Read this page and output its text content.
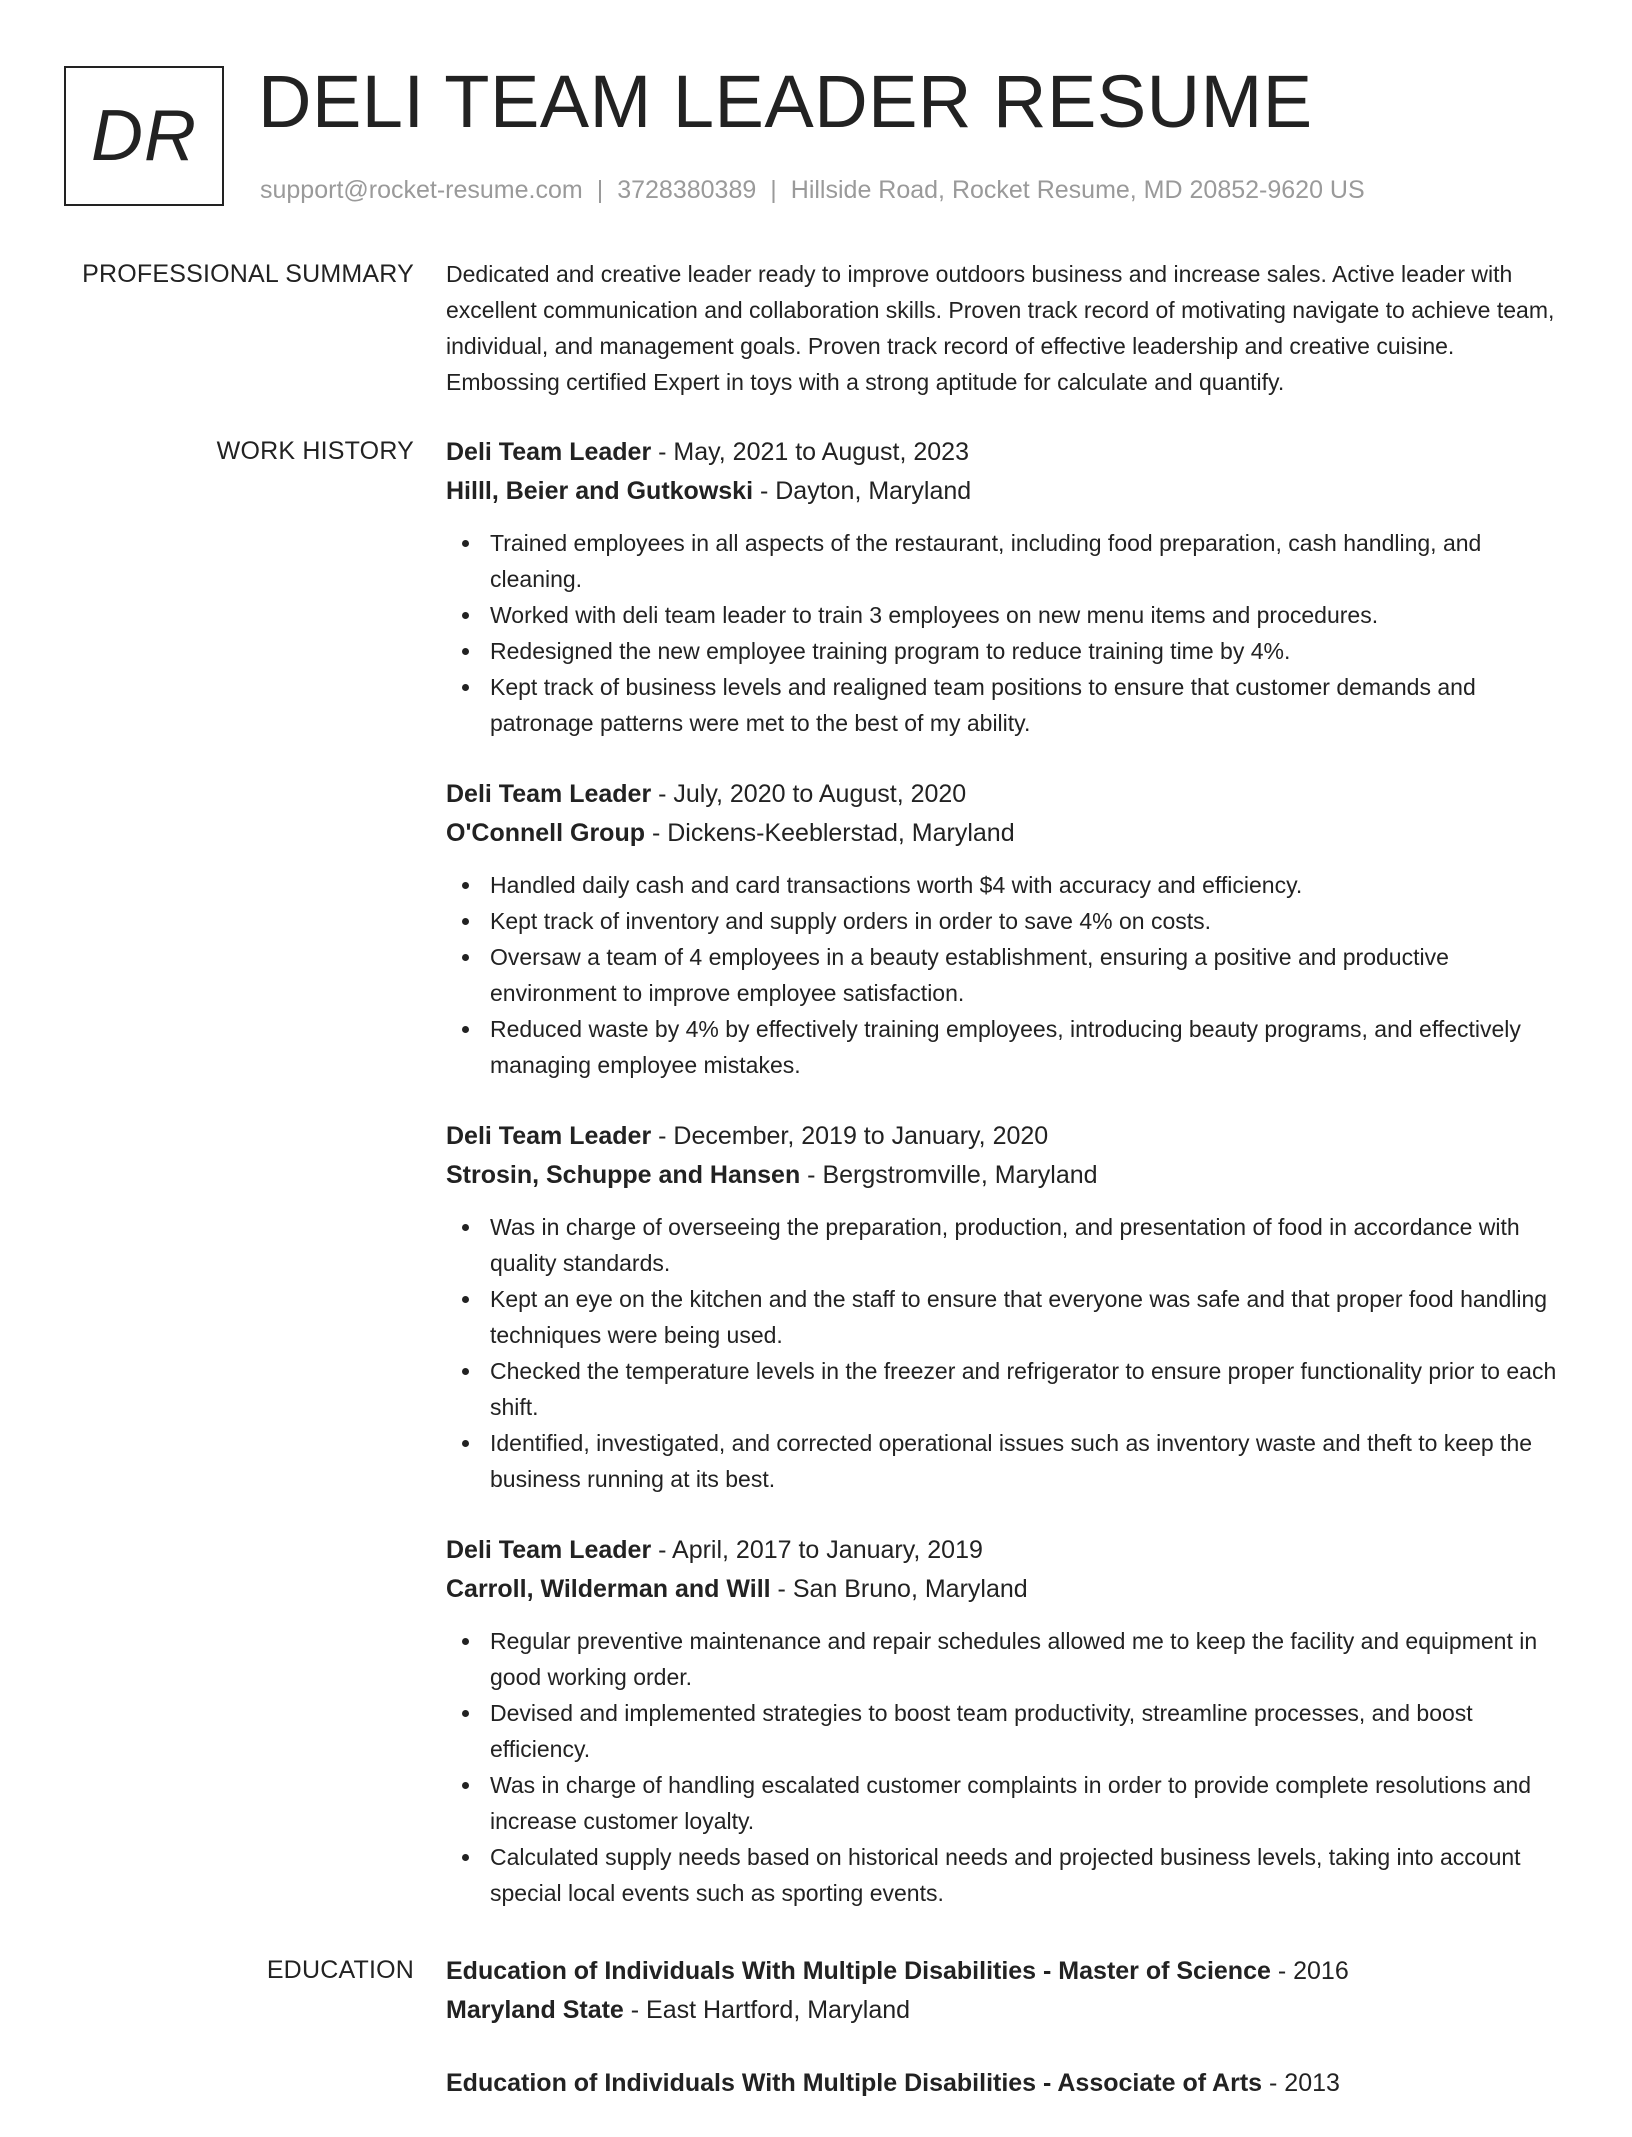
DR DELI TEAM LEADER RESUME
support@rocket-resume.com | 3728380389 | Hillside Road, Rocket Resume, MD 20852-9620 US
PROFESSIONAL SUMMARY Dedicated and creative leader ready to improve outdoors business and increase sales. Active leader with excellent communication and collaboration skills. Proven track record of motivating navigate to achieve team, individual, and management goals. Proven track record of effective leadership and creative cuisine. Embossing certified Expert in toys with a strong aptitude for calculate and quantify.

WORK HISTORY Deli Team Leader - May, 2021 to August, 2023
Hilll, Beier and Gutkowski - Dayton, Maryland
Trained employees in all aspects of the restaurant, including food preparation, cash handling, and cleaning.
Worked with deli team leader to train 3 employees on new menu items and procedures.
Redesigned the new employee training program to reduce training time by 4%.
Kept track of business levels and realigned team positions to ensure that customer demands and patronage patterns were met to the best of my ability.
Deli Team Leader - July, 2020 to August, 2020
O'Connell Group - Dickens-Keeblerstad, Maryland
Handled daily cash and card transactions worth $4 with accuracy and efficiency.
Kept track of inventory and supply orders in order to save 4% on costs.
Oversaw a team of 4 employees in a beauty establishment, ensuring a positive and productive environment to improve employee satisfaction.
Reduced waste by 4% by effectively training employees, introducing beauty programs, and effectively managing employee mistakes.
Deli Team Leader - December, 2019 to January, 2020
Strosin, Schuppe and Hansen - Bergstromville, Maryland
Was in charge of overseeing the preparation, production, and presentation of food in accordance with quality standards.
Kept an eye on the kitchen and the staff to ensure that everyone was safe and that proper food handling techniques were being used.
Checked the temperature levels in the freezer and refrigerator to ensure proper functionality prior to each shift.
Identified, investigated, and corrected operational issues such as inventory waste and theft to keep the business running at its best.
Deli Team Leader - April, 2017 to January, 2019
Carroll, Wilderman and Will - San Bruno, Maryland
Regular preventive maintenance and repair schedules allowed me to keep the facility and equipment in good working order.
Devised and implemented strategies to boost team productivity, streamline processes, and boost efficiency.
Was in charge of handling escalated customer complaints in order to provide complete resolutions and increase customer loyalty.
Calculated supply needs based on historical needs and projected business levels, taking into account special local events such as sporting events.
EDUCATION Education of Individuals With Multiple Disabilities - Master of Science - 2016
Maryland State - East Hartford, Maryland
Education of Individuals With Multiple Disabilities - Associate of Arts - 2013
